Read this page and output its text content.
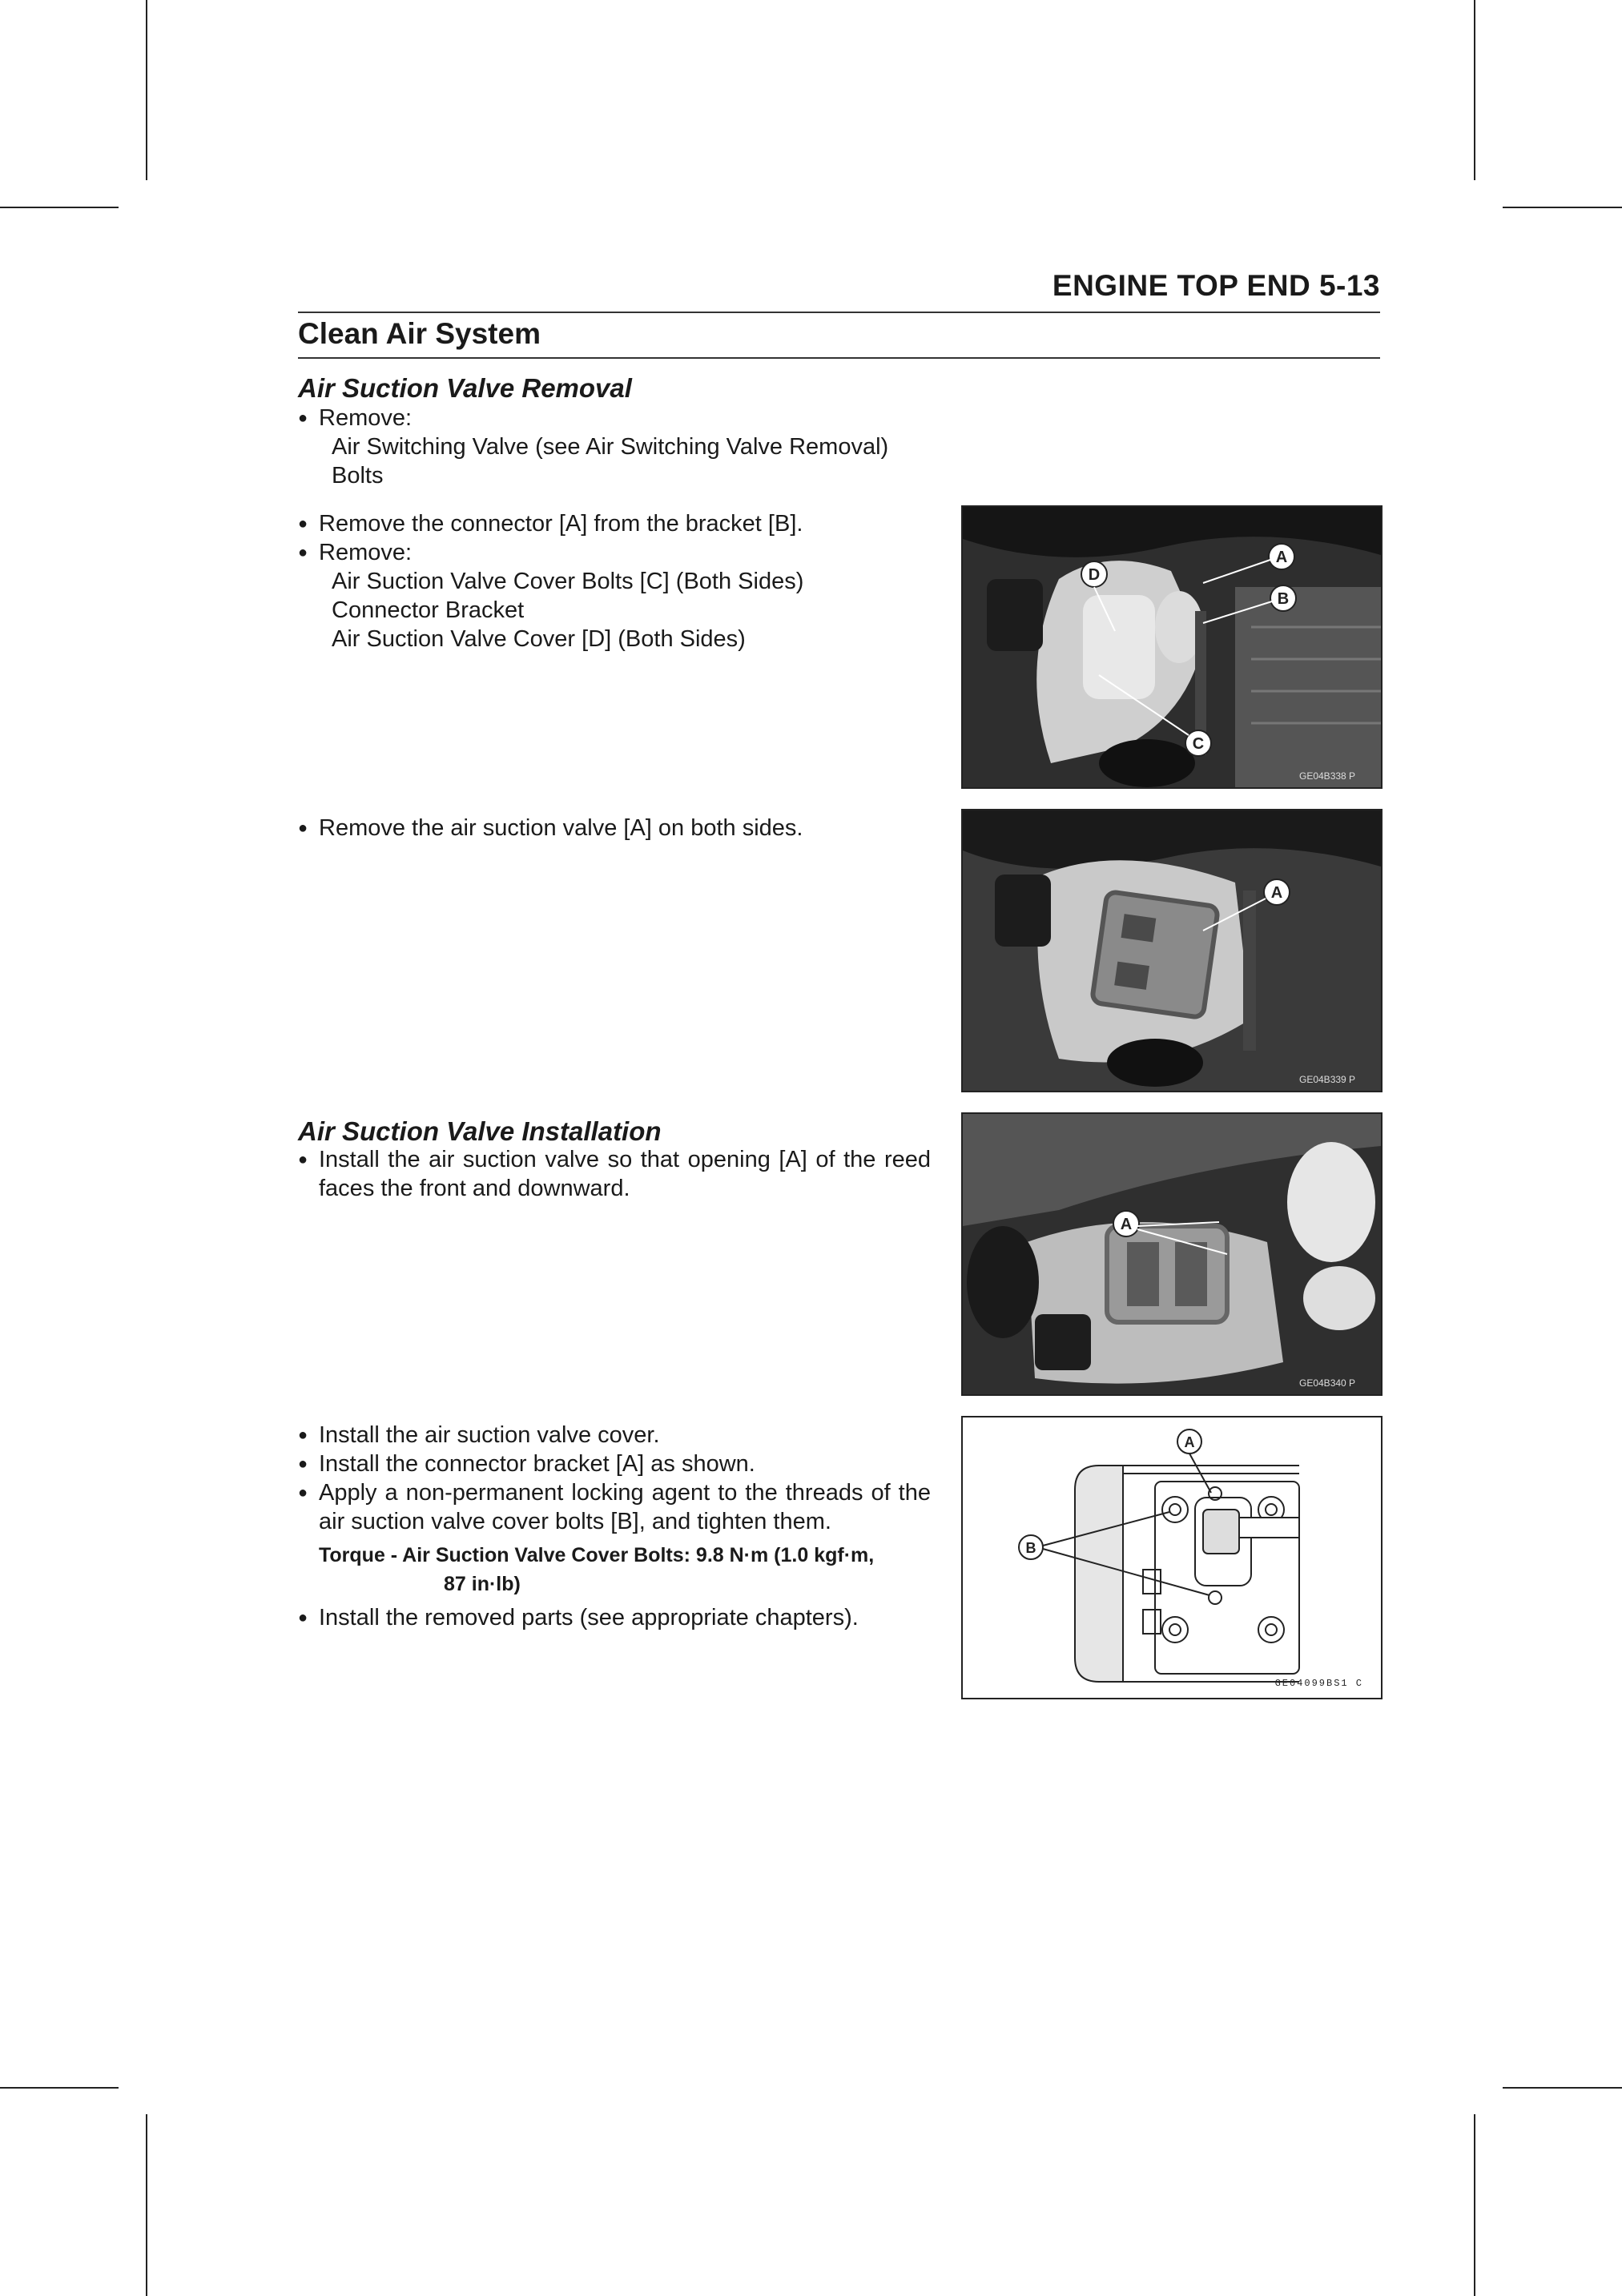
ENGINE TOP END 5-13
Clean Air System
Air Suction Valve Removal
● Remove:
Air Switching Valve (see Air Switching Valve Removal)
Bolts
● Remove the connector [A] from the bracket [B].
● Remove:
Air Suction Valve Cover Bolts [C] (Both Sides)
Connector Bracket
Air Suction Valve Cover [D] (Both Sides)
● Remove the air suction valve [A] on both sides.
Air Suction Valve Installation
● Install the air suction valve so that opening [A] of the reed faces the front and downward.
● Install the air suction valve cover.
● Install the connector bracket [A] as shown.
● Apply a non-permanent locking agent to the threads of the air suction valve cover bolts [B], and tighten them.
Torque - Air Suction Valve Cover Bolts: 9.8 N·m (1.0 kgf·m,
87 in·lb)
● Install the removed parts (see appropriate chapters).
A
B
C
D
GE04B338 P
A
GE04B339 P
A
GE04B340 P
A
B
GE04099BS1 C
